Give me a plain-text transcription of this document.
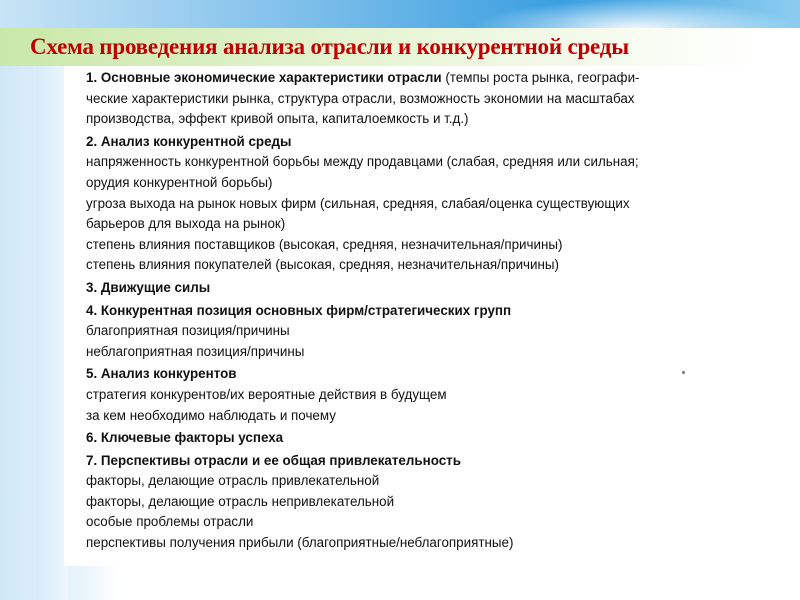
Схема проведения анализа отрасли и конкурентной среды
1. Основные экономические характеристики отрасли (темпы роста рынка, географи-
ческие характеристики рынка, структура отрасли, возможность экономии на масштабах
производства, эффект кривой опыта, капиталоемкость и т.д.)
2. Анализ конкурентной среды
напряженность конкурентной борьбы между продавцами (слабая, средняя или сильная;
орудия конкурентной борьбы)
угроза выхода на рынок новых фирм (сильная, средняя, слабая/оценка существующих
барьеров для выхода на рынок)
степень влияния поставщиков (высокая, средняя, незначительная/причины)
степень влияния покупателей (высокая, средняя, незначительная/причины)
3. Движущие силы
4. Конкурентная позиция основных фирм/стратегических групп
благоприятная позиция/причины
неблагоприятная позиция/причины
5. Анализ конкурентов
стратегия конкурентов/их вероятные действия в будущем
за кем необходимо наблюдать и почему
6. Ключевые факторы успеха
7. Перспективы отрасли и ее общая привлекательность
факторы, делающие отрасль привлекательной
факторы, делающие отрасль непривлекательной
особые проблемы отрасли
перспективы получения прибыли (благоприятные/неблагоприятные)
